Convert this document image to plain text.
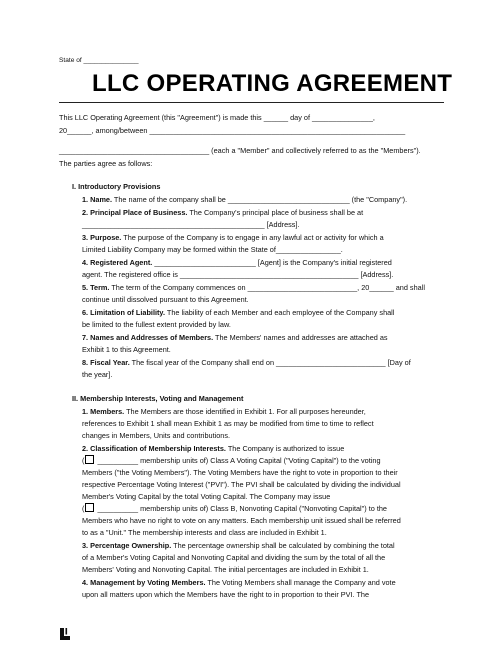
State of _______________
LLC OPERATING AGREEMENT
This LLC Operating Agreement (this "Agreement") is made this ______ day of _______________,
20______, among/between _______________________________________________________________
_____________________________________ (each a "Member" and collectively referred to as the "Members").
The parties agree as follows:
I. Introductory Provisions
1. Name. The name of the company shall be ______________________________ (the "Company").
2. Principal Place of Business. The Company's principal place of business shall be at
_____________________________________________ [Address].
3. Purpose. The purpose of the Company is to engage in any lawful act or activity for which a
Limited Liability Company may be formed within the State of________________.
4. Registered Agent. _________________________ [Agent] is the Company's initial registered
agent. The registered office is ____________________________________________ [Address].
5. Term. The term of the Company commences on ___________________________, 20______ and shall
continue until dissolved pursuant to this Agreement.
6. Limitation of Liability. The liability of each Member and each employee of the Company shall
be limited to the fullest extent provided by law.
7. Names and Addresses of Members. The Members' names and addresses are attached as
Exhibit 1 to this Agreement.
8. Fiscal Year. The fiscal year of the Company shall end on ___________________________ [Day of
the year].
II. Membership Interests, Voting and Management
1. Members. The Members are those identified in Exhibit 1. For all purposes hereunder,
references to Exhibit 1 shall mean Exhibit 1 as may be modified from time to time to reflect
changes in Members, Units and contributions.
2. Classification of Membership Interests. The Company is authorized to issue
( __________ membership units of) Class A Voting Capital ("Voting Capital") to the voting
Members ("the Voting Members"). The Voting Members have the right to vote in proportion to their
respective Percentage Voting Interest ("PVI"). The PVI shall be calculated by dividing the individual
Member's Voting Capital by the total Voting Capital. The Company may issue
( __________ membership units of) Class B, Nonvoting Capital ("Nonvoting Capital") to the
Members who have no right to vote on any matters. Each membership unit issued shall be referred
to as a "Unit." The membership interests and class are included in Exhibit 1.
3. Percentage Ownership. The percentage ownership shall be calculated by combining the total
of a Member's Voting Capital and Nonvoting Capital and dividing the sum by the total of all the
Members' Voting and Nonvoting Capital. The initial percentages are included in Exhibit 1.
4. Management by Voting Members. The Voting Members shall manage the Company and vote
upon all matters upon which the Members have the right to in proportion to their PVI. The
